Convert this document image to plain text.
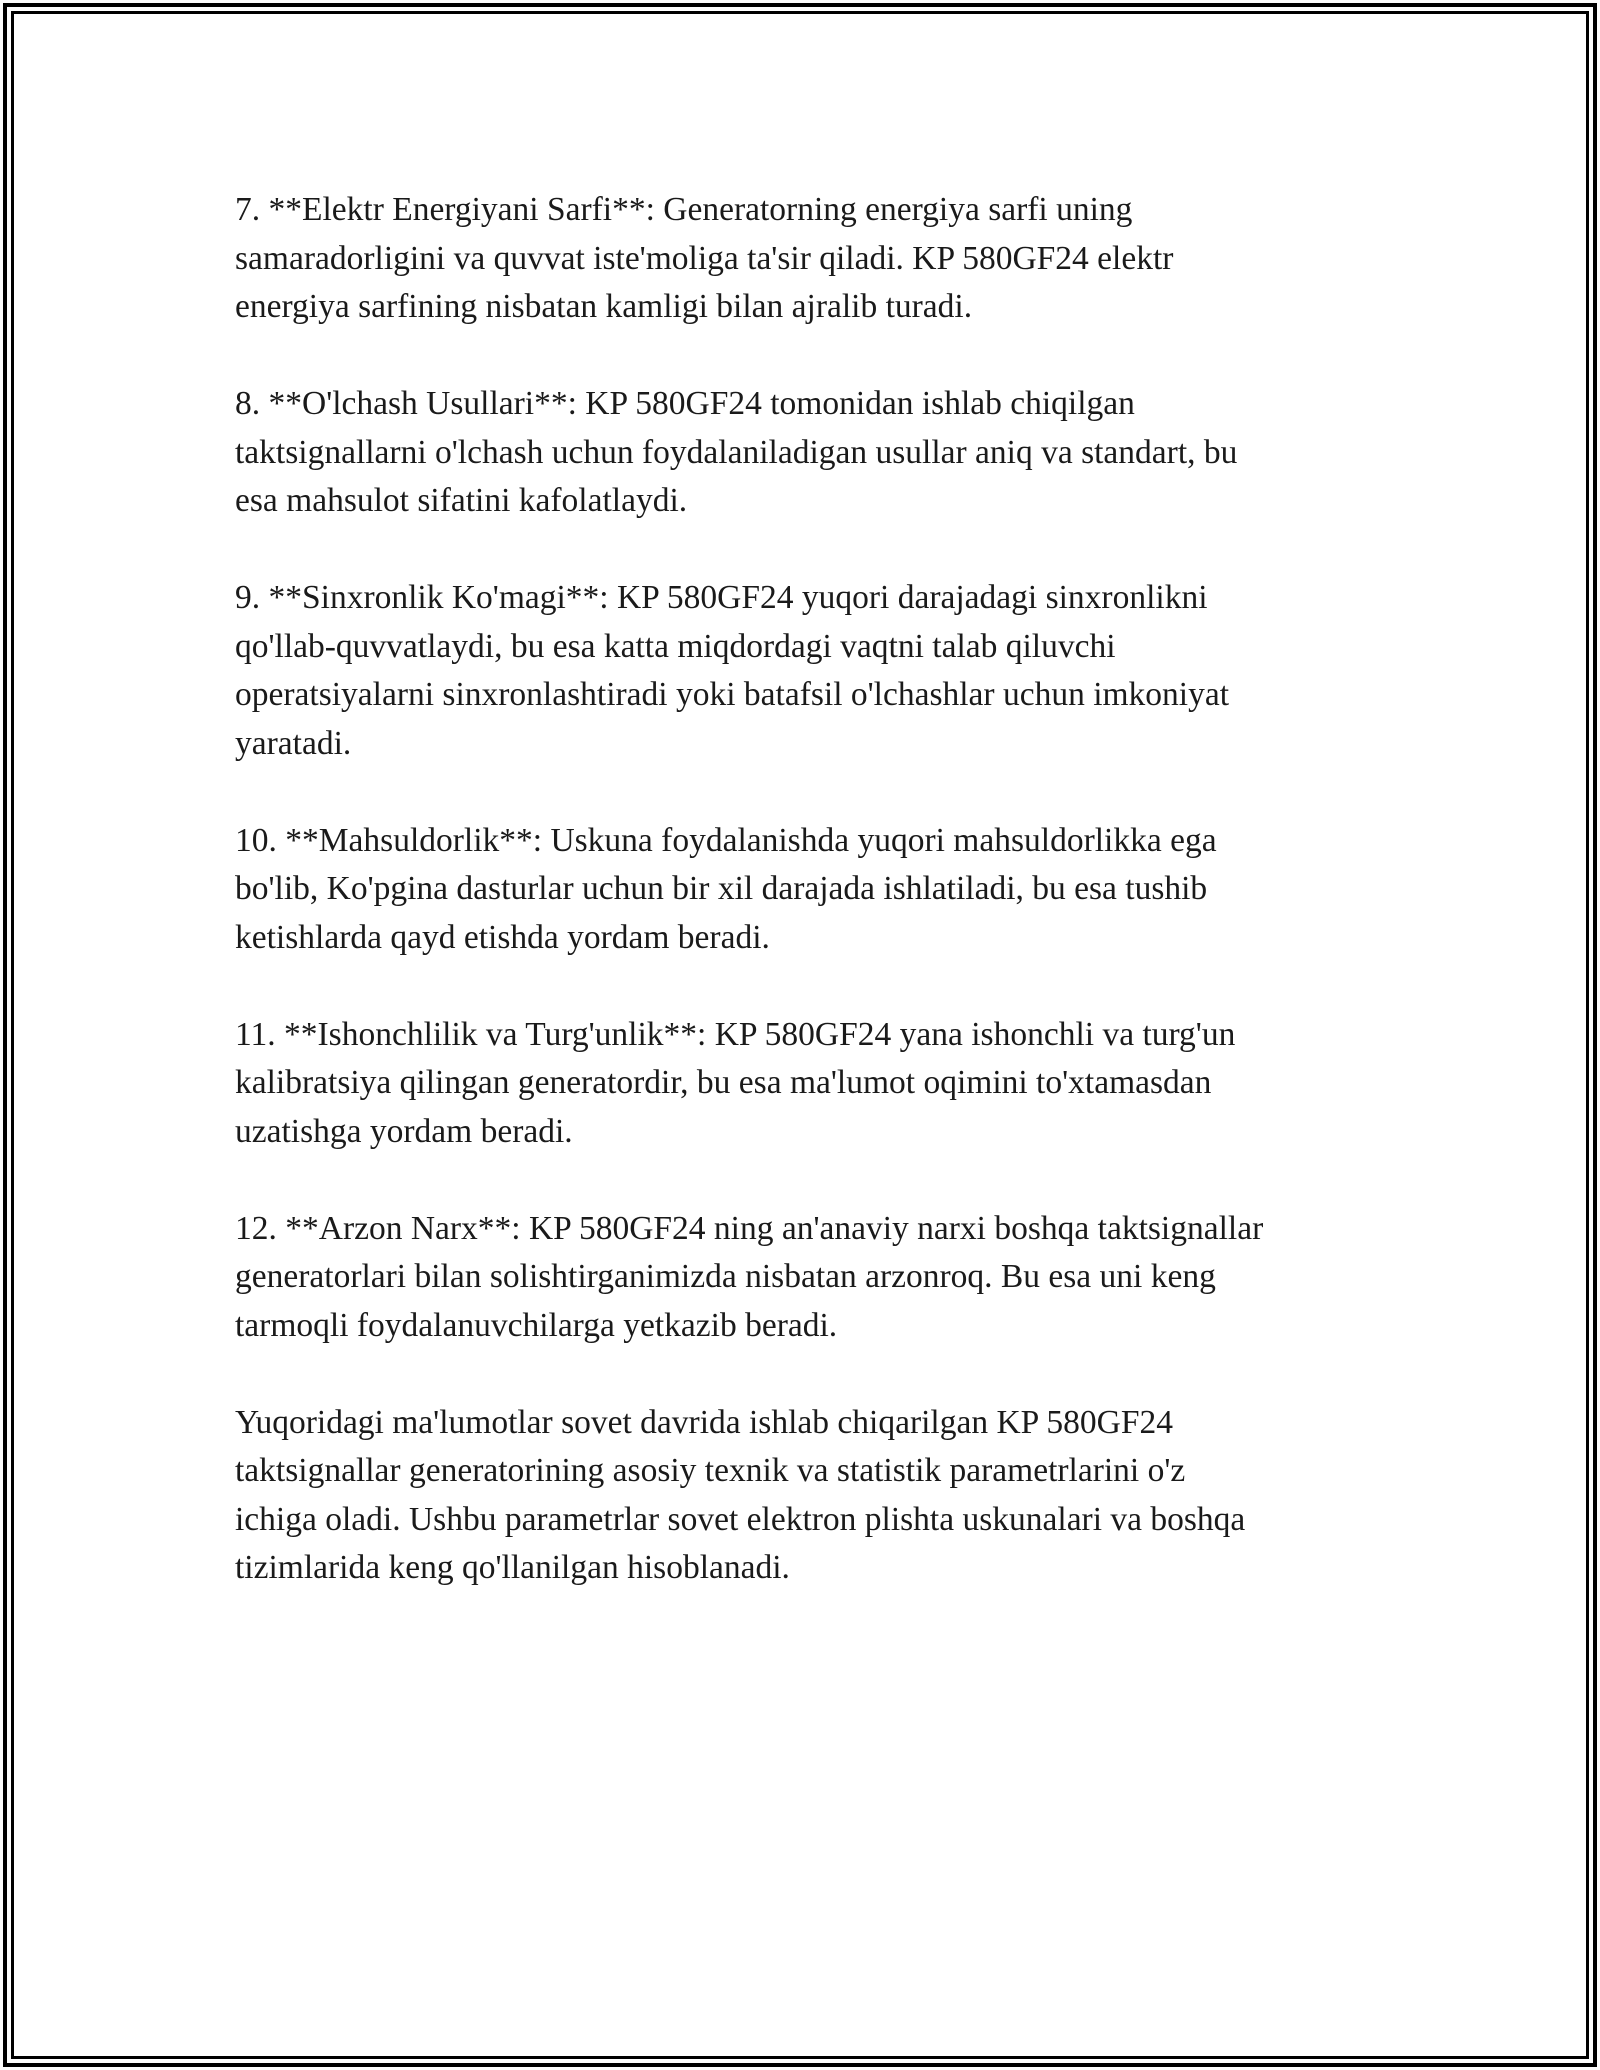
7. **Elektr Energiyani Sarfi**: Generatorning energiya sarfi uning
samaradorligini va quvvat iste'moliga ta'sir qiladi. KP 580GF24 elektr
energiya sarfining nisbatan kamligi bilan ajralib turadi.

8. **O'lchash Usullari**: KP 580GF24 tomonidan ishlab chiqilgan
taktsignallarni o'lchash uchun foydalaniladigan usullar aniq va standart, bu
esa mahsulot sifatini kafolatlaydi.

9. **Sinxronlik Ko'magi**: KP 580GF24 yuqori darajadagi sinxronlikni
qo'llab-quvvatlaydi, bu esa katta miqdordagi vaqtni talab qiluvchi
operatsiyalarni sinxronlashtiradi yoki batafsil o'lchashlar uchun imkoniyat
yaratadi.

10. **Mahsuldorlik**: Uskuna foydalanishda yuqori mahsuldorlikka ega
bo'lib, Ko'pgina dasturlar uchun bir xil darajada ishlatiladi, bu esa tushib
ketishlarda qayd etishda yordam beradi.

11. **Ishonchlilik va Turg'unlik**: KP 580GF24 yana ishonchli va turg'un
kalibratsiya qilingan generatordir, bu esa ma'lumot oqimini to'xtamasdan
uzatishga yordam beradi.

12. **Arzon Narx**: KP 580GF24 ning an'anaviy narxi boshqa taktsignallar
generatorlari bilan solishtirganimizda nisbatan arzonroq. Bu esa uni keng
tarmoqli foydalanuvchilarga yetkazib beradi.

Yuqoridagi ma'lumotlar sovet davrida ishlab chiqarilgan KP 580GF24
taktsignallar generatorining asosiy texnik va statistik parametrlarini o'z
ichiga oladi. Ushbu parametrlar sovet elektron plishta uskunalari va boshqa
tizimlarida keng qo'llanilgan hisoblanadi.
